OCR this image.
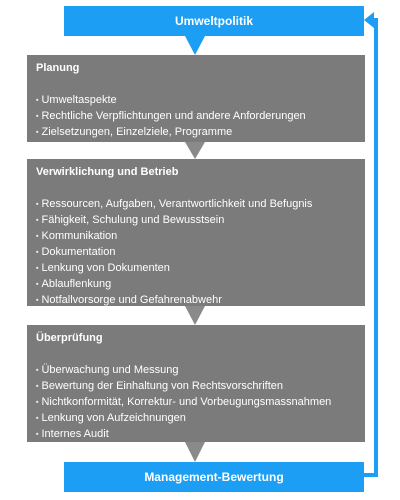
Umweltpolitik
Planung
▪ Umweltaspekte
▪ Rechtliche Verpflichtungen und andere Anforderungen
▪ Zielsetzungen, Einzelziele, Programme
Verwirklichung und Betrieb
▪ Ressourcen, Aufgaben, Verantwortlichkeit und Befugnis
▪ Fähigkeit, Schulung und Bewusstsein
▪ Kommunikation
▪ Dokumentation
▪ Lenkung von Dokumenten
▪ Ablauflenkung
▪ Notfallvorsorge und Gefahrenabwehr
Überprüfung
▪ Überwachung und Messung
▪ Bewertung der Einhaltung von Rechtsvorschriften
▪ Nichtkonformität, Korrektur- und Vorbeugungsmassnahmen
▪ Lenkung von Aufzeichnungen
▪ Internes Audit
Management-Bewertung
